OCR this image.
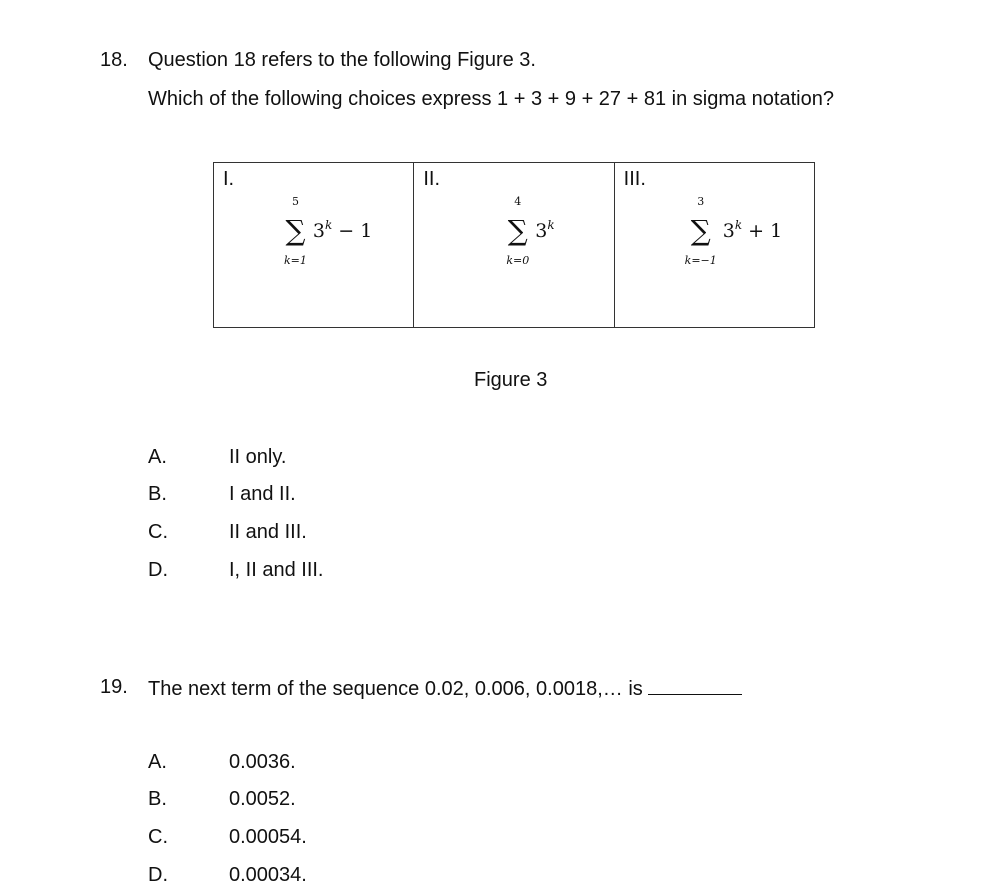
18. Question 18 refers to the following Figure 3.
Which of the following choices express 1 + 3 + 9 + 27 + 81 in sigma notation?
I.
5
∑
k=1
$3^k - 1$
II.
4
∑
k=0
3$^k$
III.
3
∑
k=−1
$3^k + 1$
Figure 3
A.	II only.
B.	I and II.
C.	II and III.
D.	I, II and III.
19. The next term of the sequence 0.02, 0.006, 0.0018,… is
A.	0.0036.
B.	0.0052.
C.	0.00054.
D.	0.00034.
